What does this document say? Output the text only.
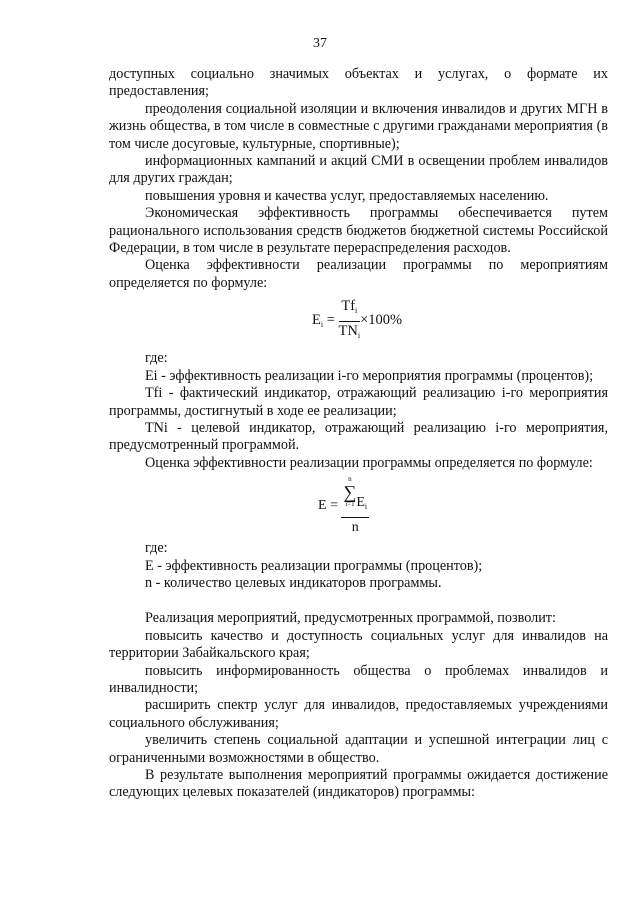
37

доступных социально значимых объектах и услугах, о формате их предоставления;

преодоления социальной изоляции и включения инвалидов и других МГН в жизнь общества, в том числе в совместные с другими гражданами мероприятия (в том числе досуговые, культурные, спортивные);

информационных кампаний и акций СМИ в освещении проблем инвалидов для других граждан;

повышения уровня и качества услуг, предоставляемых населению.

Экономическая эффективность программы обеспечивается путем рационального использования средств бюджетов бюджетной системы Российской Федерации, в том числе в результате перераспределения расходов.

Оценка эффективности реализации программы по мероприятиям определяется по формуле:

$E_i = \frac{Tf_i}{TN_i} \times 100\%$

где:

Ei - эффективность реализации i-го мероприятия программы (процентов);

Tfi - фактический индикатор, отражающий реализацию i-го мероприятия программы, достигнутый в ходе ее реализации;

TNi - целевой индикатор, отражающий реализацию i-го мероприятия, предусмотренный программой.

Оценка эффективности реализации программы определяется по формуле:

E = n
∑
i=1 $E_i$
n

где:

E - эффективность реализации программы (процентов);

n - количество целевых индикаторов программы.

Реализация мероприятий, предусмотренных программой, позволит:

повысить качество и доступность социальных услуг для инвалидов на территории Забайкальского края;

повысить информированность общества о проблемах инвалидов и инвалидности;

расширить спектр услуг для инвалидов, предоставляемых учреждениями социального обслуживания;

увеличить степень социальной адаптации и успешной интеграции лиц с ограниченными возможностями в общество.

В результате выполнения мероприятий программы ожидается достижение следующих целевых показателей (индикаторов) программы:
